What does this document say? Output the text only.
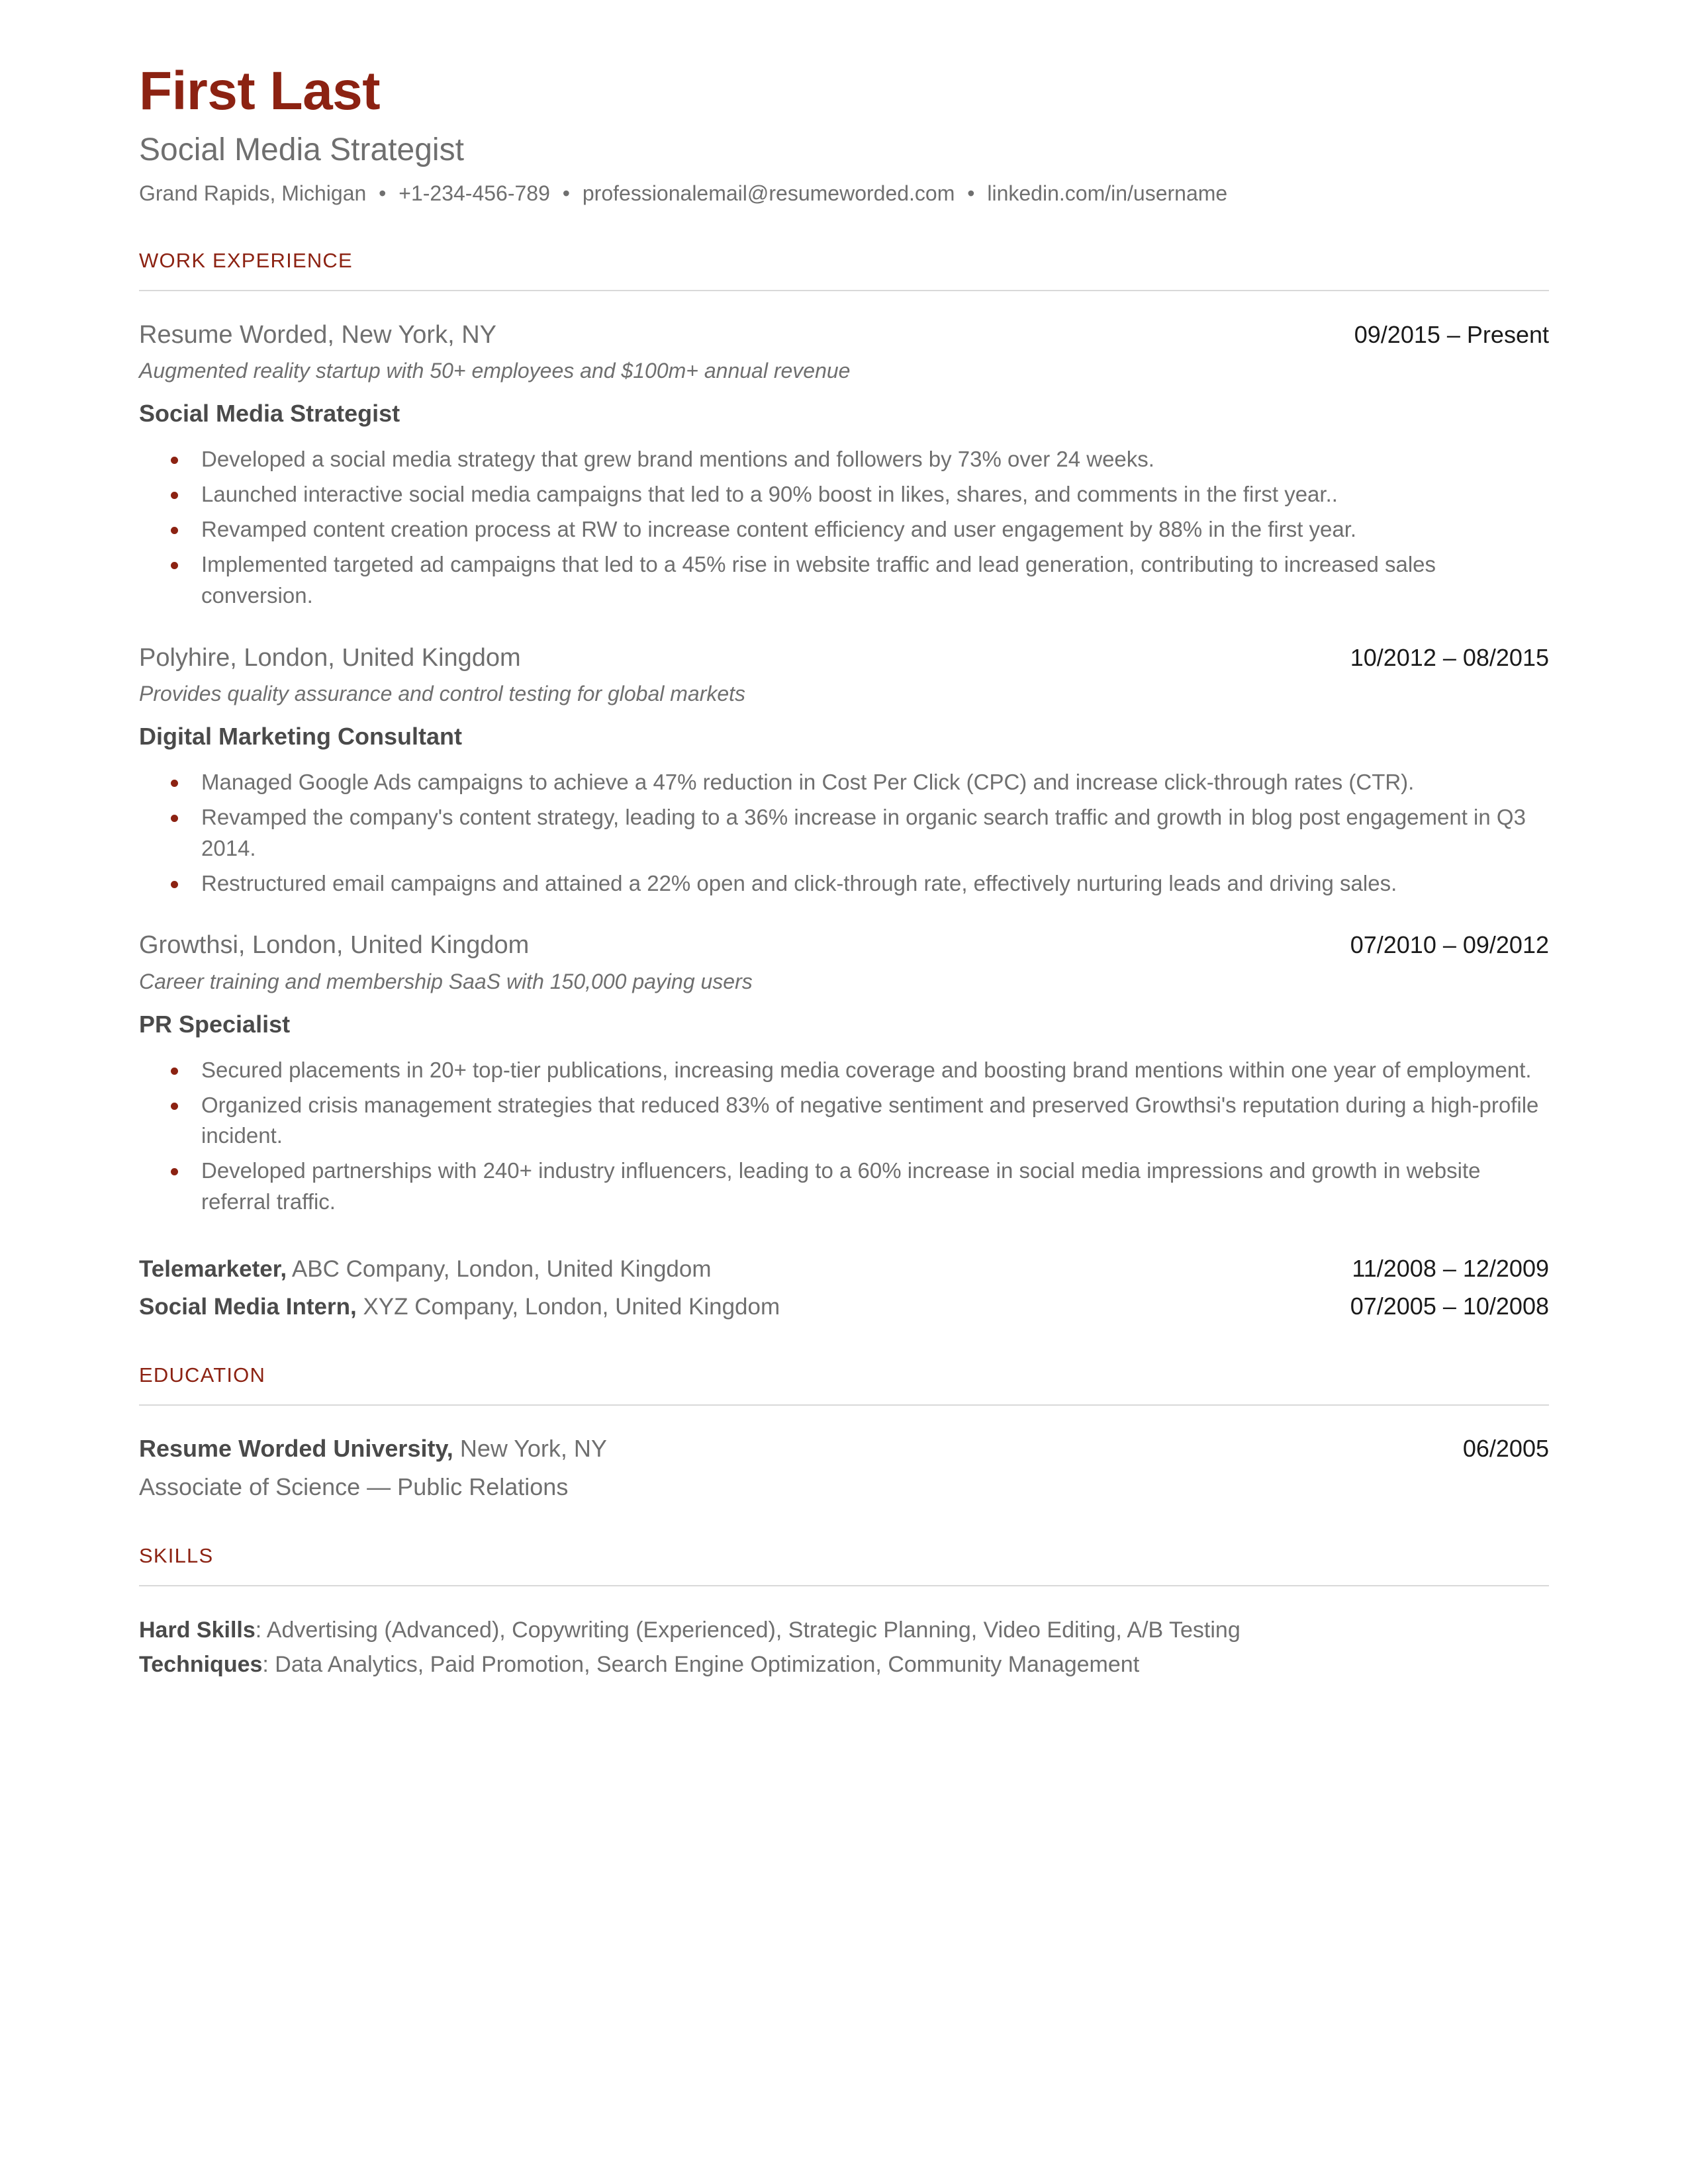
First Last
Social Media Strategist
Grand Rapids, Michigan • +1-234-456-789 • professionalemail@resumeworded.com • linkedin.com/in/username
WORK EXPERIENCE
Resume Worded, New York, NY	09/2015 – Present
Augmented reality startup with 50+ employees and $100m+ annual revenue
Social Media Strategist
Developed a social media strategy that grew brand mentions and followers by 73% over 24 weeks.
Launched interactive social media campaigns that led to a 90% boost in likes, shares, and comments in the first year..
Revamped content creation process at RW to increase content efficiency and user engagement by 88% in the first year.
Implemented targeted ad campaigns that led to a 45% rise in website traffic and lead generation, contributing to increased sales conversion.
Polyhire, London, United Kingdom	10/2012 – 08/2015
Provides quality assurance and control testing for global markets
Digital Marketing Consultant
Managed Google Ads campaigns to achieve a 47% reduction in Cost Per Click (CPC) and increase click-through rates (CTR).
Revamped the company's content strategy, leading to a 36% increase in organic search traffic and growth in blog post engagement in Q3 2014.
Restructured email campaigns and attained a 22% open and click-through rate, effectively nurturing leads and driving sales.
Growthsi, London, United Kingdom	07/2010 – 09/2012
Career training and membership SaaS with 150,000 paying users
PR Specialist
Secured placements in 20+ top-tier publications, increasing media coverage and boosting brand mentions within one year of employment.
Organized crisis management strategies that reduced 83% of negative sentiment and preserved Growthsi's reputation during a high-profile incident.
Developed partnerships with 240+ industry influencers, leading to a 60% increase in social media impressions and growth in website referral traffic.
Telemarketer, ABC Company, London, United Kingdom	11/2008 – 12/2009
Social Media Intern, XYZ Company, London, United Kingdom	07/2005 – 10/2008
EDUCATION
Resume Worded University, New York, NY	06/2005
Associate of Science — Public Relations
SKILLS
Hard Skills: Advertising (Advanced), Copywriting (Experienced), Strategic Planning, Video Editing, A/B Testing
Techniques: Data Analytics, Paid Promotion, Search Engine Optimization, Community Management
